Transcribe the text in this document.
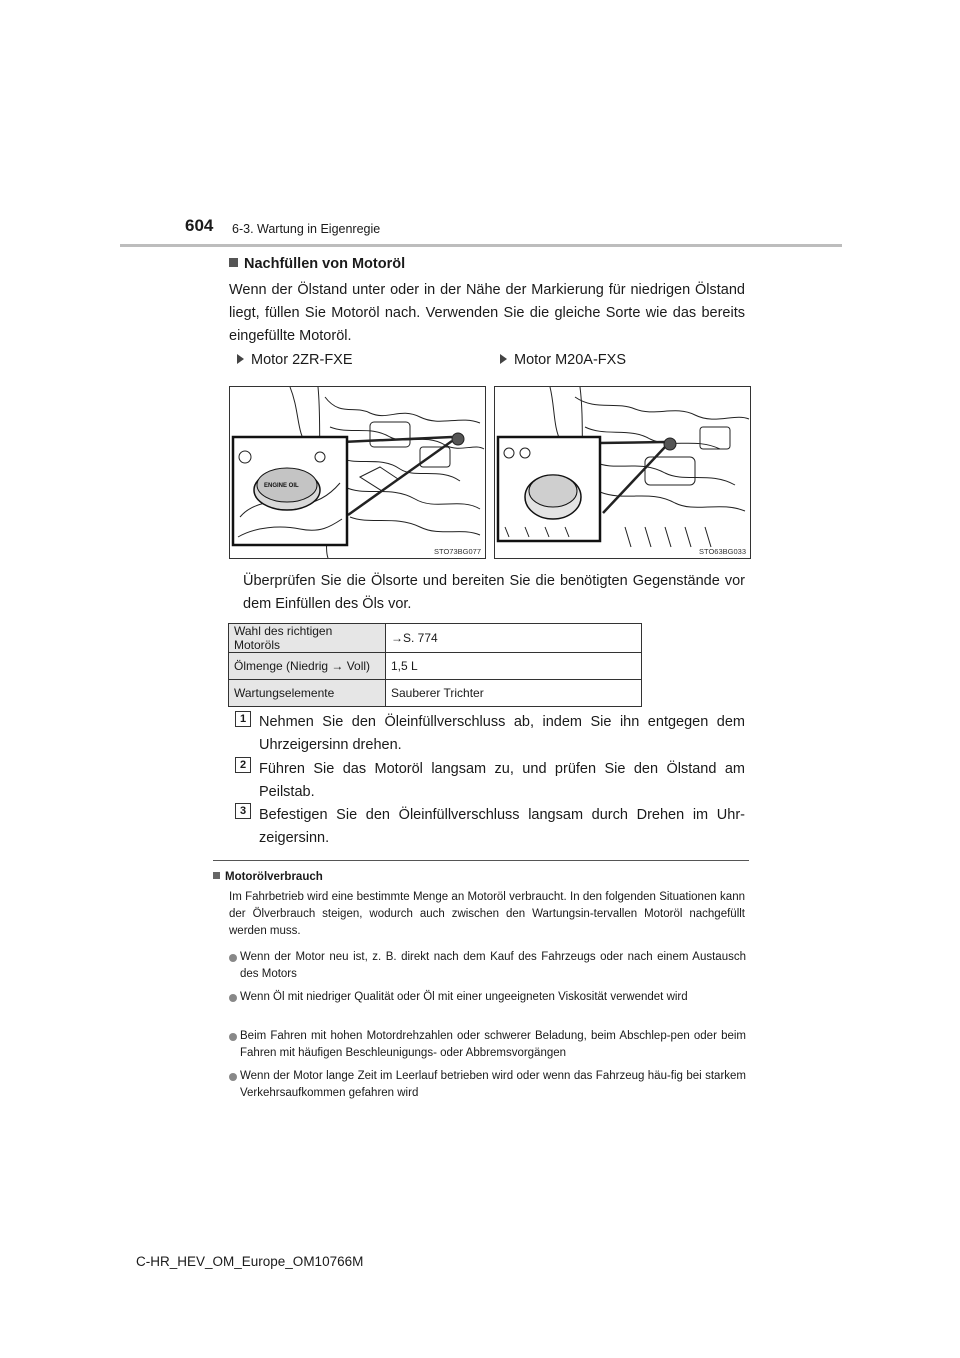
604 6-3. Wartung in Eigenregie
Nachfüllen von Motoröl
Wenn der Ölstand unter oder in der Nähe der Markierung für niedrigen Ölstand liegt, füllen Sie Motoröl nach. Verwenden Sie die gleiche Sorte wie das bereits eingefüllte Motoröl.
Motor 2ZR-FXE	Motor M20A-FXS
ENGINE OIL
STO73BG077	STO63BG033
Überprüfen Sie die Ölsorte und bereiten Sie die benötigten Gegenstände vor dem Einfüllen des Öls vor.
Wahl des richtigen Motoröls	→S. 774
Ölmenge (Niedrig → Voll)	1,5 L
Wartungselemente	Sauberer Trichter
1 Nehmen Sie den Öleinfüllverschluss ab, indem Sie ihn entgegen dem Uhrzeigersinn drehen.
2 Führen Sie das Motoröl langsam zu, und prüfen Sie den Ölstand am Peilstab.
3 Befestigen Sie den Öleinfüllverschluss langsam durch Drehen im Uhr-zeigersinn.
Motorölverbrauch
Im Fahrbetrieb wird eine bestimmte Menge an Motoröl verbraucht. In den folgenden Situationen kann der Ölverbrauch steigen, wodurch auch zwischen den Wartungsin-tervallen Motoröl nachgefüllt werden muss.
Wenn der Motor neu ist, z. B. direkt nach dem Kauf des Fahrzeugs oder nach einem Austausch des Motors
Wenn Öl mit niedriger Qualität oder Öl mit einer ungeeigneten Viskosität verwendet wird
Beim Fahren mit hohen Motordrehzahlen oder schwerer Beladung, beim Abschlep-pen oder beim Fahren mit häufigen Beschleunigungs- oder Abbremsvorgängen
Wenn der Motor lange Zeit im Leerlauf betrieben wird oder wenn das Fahrzeug häu-fig bei starkem Verkehrsaufkommen gefahren wird
C-HR_HEV_OM_Europe_OM10766M
